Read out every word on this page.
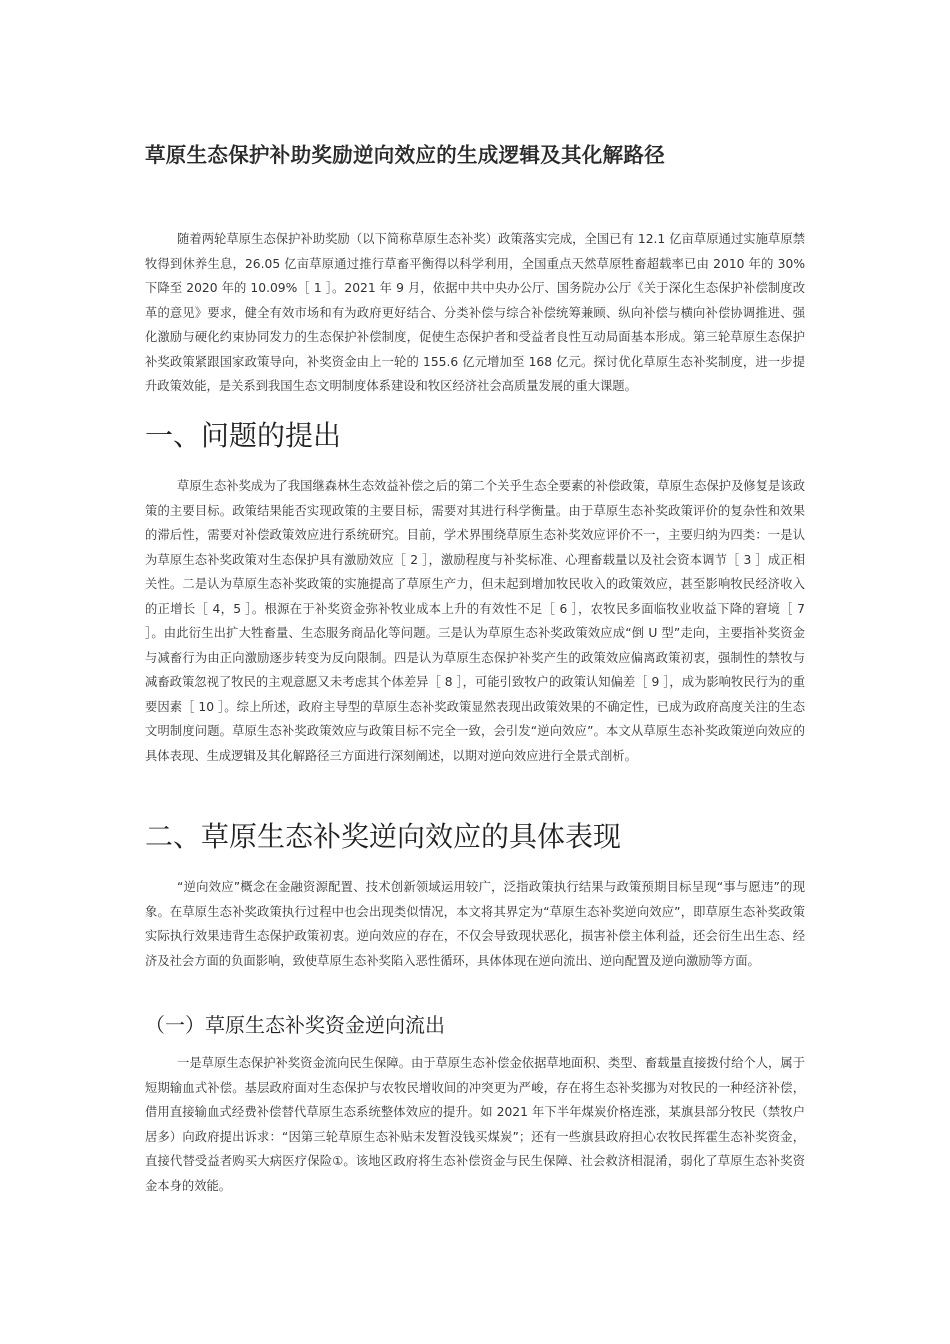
草原生态保护补助奖励逆向效应的生成逻辑及其化解路径

随着两轮草原生态保护补助奖励（以下简称草原生态补奖）政策落实完成，全国已有 12.1 亿亩草原通过实施草原禁牧得到休养生息，26.05 亿亩草原通过推行草畜平衡得以科学利用，全国重点天然草原牲畜超载率已由 2010 年的 30% 下降至 2020 年的 10.09%［ 1 ］。2021 年 9 月，依据中共中央办公厅、国务院办公厅《关于深化生态保护补偿制度改革的意见》要求，健全有效市场和有为政府更好结合、分类补偿与综合补偿统筹兼顾、纵向补偿与横向补偿协调推进、强化激励与硬化约束协同发力的生态保护补偿制度，促使生态保护者和受益者良性互动局面基本形成。第三轮草原生态保护补奖政策紧跟国家政策导向，补奖资金由上一轮的 155.6 亿元增加至 168 亿元。探讨优化草原生态补奖制度，进一步提升政策效能，是关系到我国生态文明制度体系建设和牧区经济社会高质量发展的重大课题。

一、问题的提出

草原生态补奖成为了我国继森林生态效益补偿之后的第二个关乎生态全要素的补偿政策，草原生态保护及修复是该政策的主要目标。政策结果能否实现政策的主要目标，需要对其进行科学衡量。由于草原生态补奖政策评价的复杂性和效果的滞后性，需要对补偿政策效应进行系统研究。目前，学术界围绕草原生态补奖效应评价不一，主要归纳为四类：一是认为草原生态补奖政策对生态保护具有激励效应［ 2 ］，激励程度与补奖标准、心理畜载量以及社会资本调节［ 3 ］成正相关性。二是认为草原生态补奖政策的实施提高了草原生产力，但未起到增加牧民收入的政策效应，甚至影响牧民经济收入的正增长［ 4，5 ］。根源在于补奖资金弥补牧业成本上升的有效性不足［ 6 ］，农牧民多面临牧业收益下降的窘境［ 7 ］。由此衍生出扩大牲畜量、生态服务商品化等问题。三是认为草原生态补奖政策效应成“倒 U 型”走向，主要指补奖资金与减畜行为由正向激励逐步转变为反向限制。四是认为草原生态保护补奖产生的政策效应偏离政策初衷，强制性的禁牧与减畜政策忽视了牧民的主观意愿又未考虑其个体差异［ 8 ］，可能引致牧户的政策认知偏差［ 9 ］，成为影响牧民行为的重要因素［ 10 ］。综上所述，政府主导型的草原生态补奖政策显然表现出政策效果的不确定性，已成为政府高度关注的生态文明制度问题。草原生态补奖政策效应与政策目标不完全一致，会引发“逆向效应”。本文从草原生态补奖政策逆向效应的具体表现、生成逻辑及其化解路径三方面进行深刻阐述，以期对逆向效应进行全景式剖析。

二、草原生态补奖逆向效应的具体表现

“逆向效应”概念在金融资源配置、技术创新领域运用较广，泛指政策执行结果与政策预期目标呈现“事与愿违”的现象。在草原生态补奖政策执行过程中也会出现类似情况，本文将其界定为“草原生态补奖逆向效应”，即草原生态补奖政策实际执行效果违背生态保护政策初衷。逆向效应的存在，不仅会导致现状恶化，损害补偿主体利益，还会衍生出生态、经济及社会方面的负面影响，致使草原生态补奖陷入恶性循环，具体体现在逆向流出、逆向配置及逆向激励等方面。

（一）草原生态补奖资金逆向流出

一是草原生态保护补奖资金流向民生保障。由于草原生态补偿金依据草地面积、类型、畜载量直接拨付给个人，属于短期输血式补偿。基层政府面对生态保护与农牧民增收间的冲突更为严峻，存在将生态补奖挪为对牧民的一种经济补偿，借用直接输血式经费补偿替代草原生态系统整体效应的提升。如 2021 年下半年煤炭价格连涨，某旗县部分牧民（禁牧户居多）向政府提出诉求：“因第三轮草原生态补贴未发暂没钱买煤炭”；还有一些旗县政府担心农牧民挥霍生态补奖资金，直接代替受益者购买大病医疗保险①。该地区政府将生态补偿资金与民生保障、社会救济相混淆，弱化了草原生态补奖资金本身的效能。
